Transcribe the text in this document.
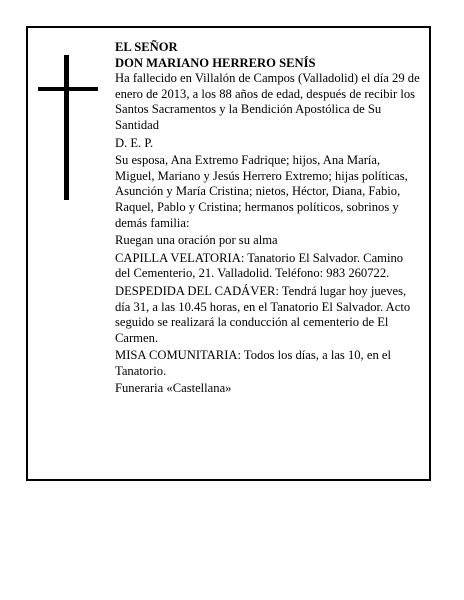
EL SEÑOR
DON MARIANO HERRERO SENÍS

Ha fallecido en Villalón de Campos (Valladolid) el día 29 de enero de 2013, a los 88 años de edad, después de recibir los Santos Sacramentos y la Bendición Apostólica de Su Santidad

D. E. P.

Su esposa, Ana Extremo Fadrique; hijos, Ana María, Miguel, Mariano y Jesús Herrero Extremo; hijas políticas, Asunción y María Cristina; nietos, Héctor, Diana, Fabio, Raquel, Pablo y Cristina; hermanos políticos, sobrinos y demás familia:

Ruegan una oración por su alma

CAPILLA VELATORIA: Tanatorio El Salvador. Camino del Cementerio, 21. Valladolid. Teléfono: 983 260722.

DESPEDIDA DEL CADÁVER: Tendrá lugar hoy jueves, día 31, a las 10.45 horas, en el Tanatorio El Salvador. Acto seguido se realizará la conducción al cementerio de El Carmen.

MISA COMUNITARIA: Todos los días, a las 10, en el Tanatorio.

Funeraria «Castellana»
